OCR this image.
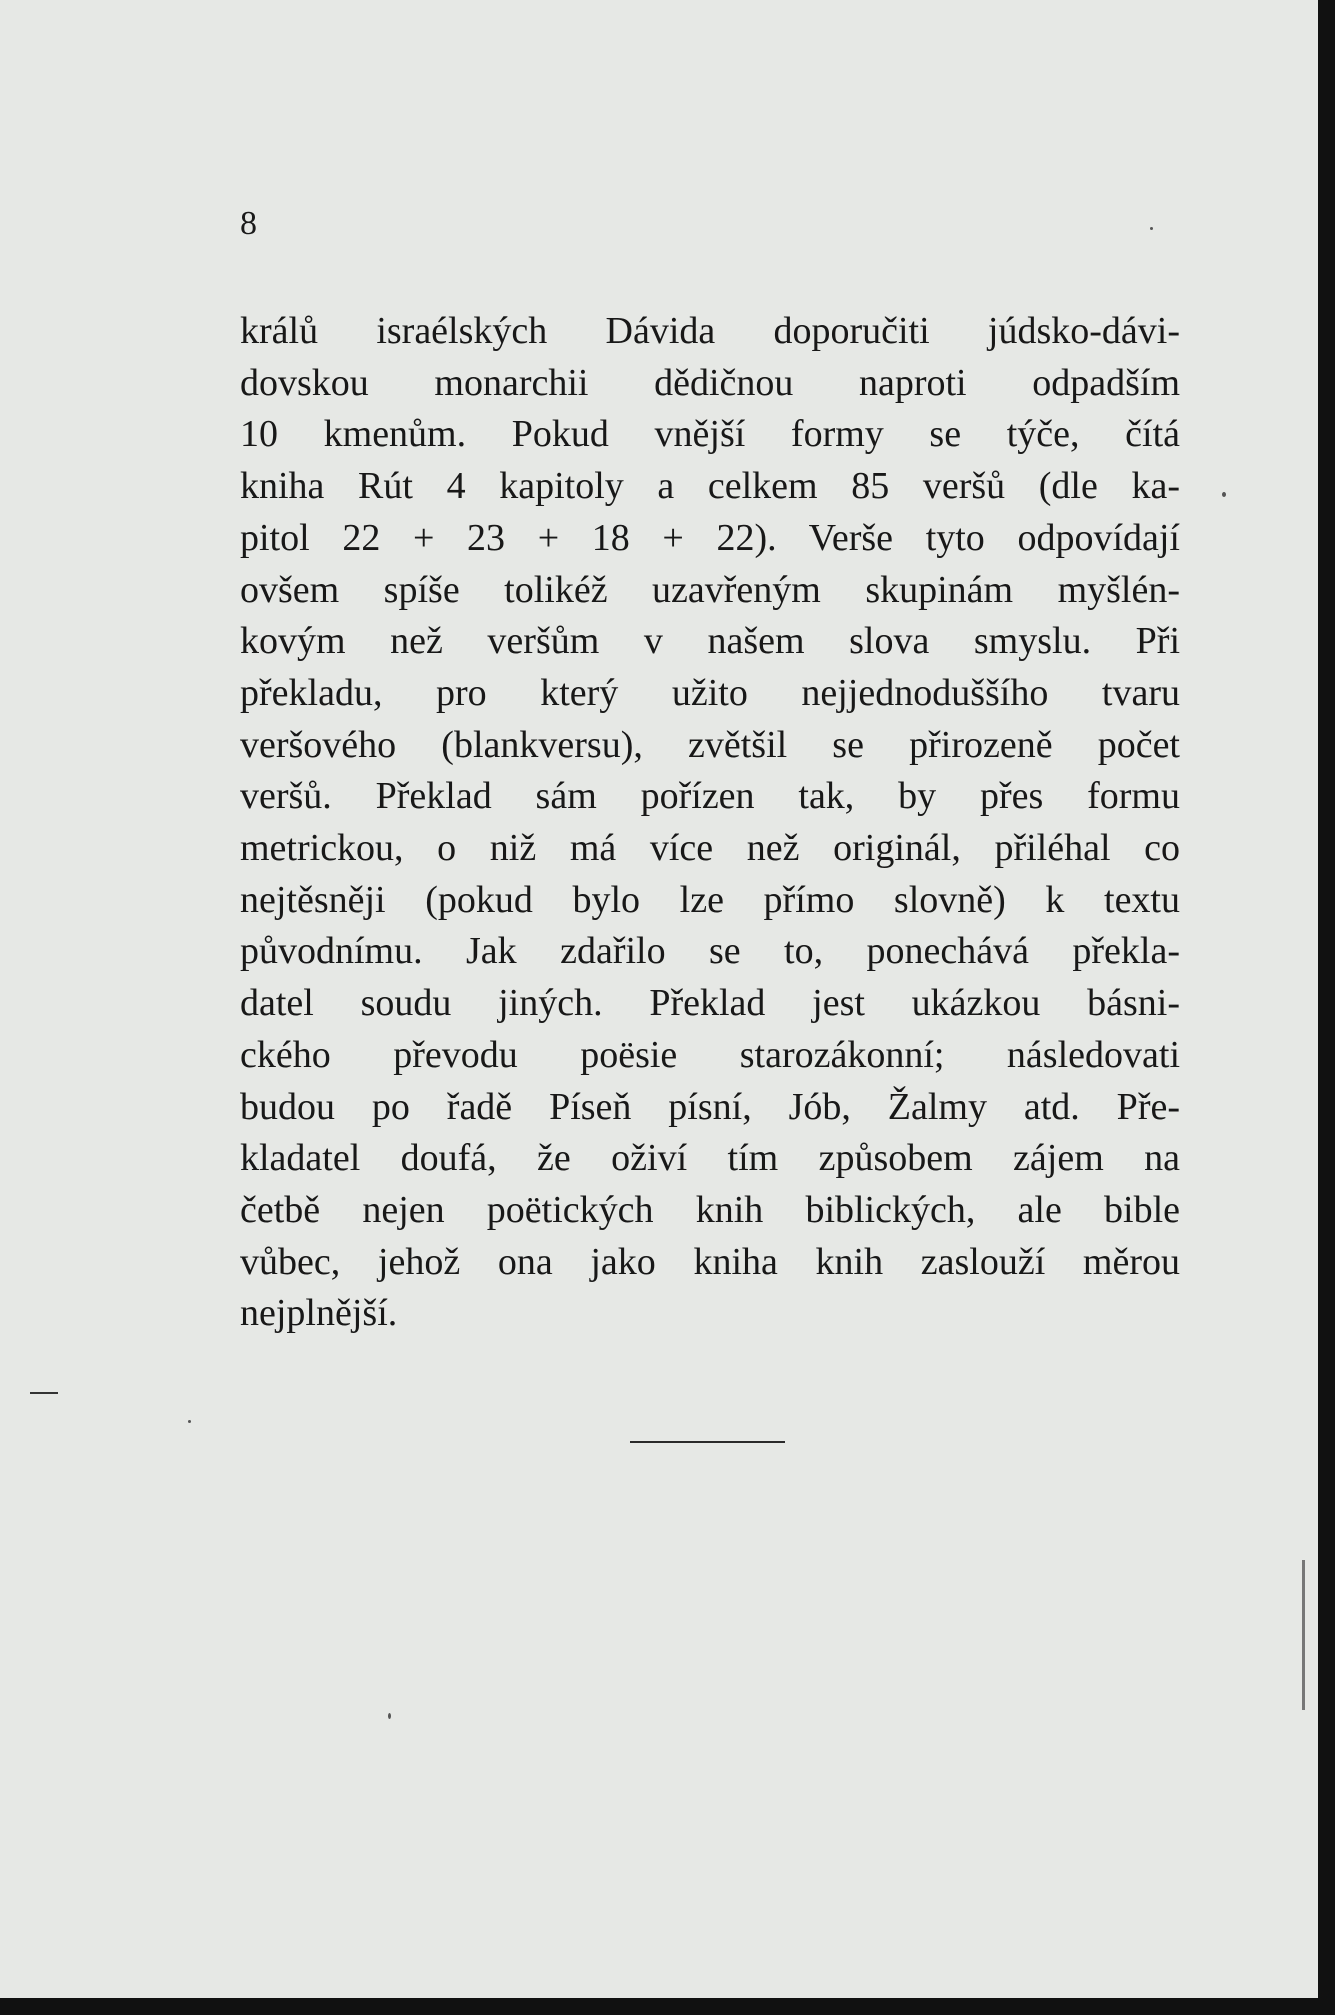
8

králů israélských Dávida doporučiti júdsko-dávi-
dovskou monarchii dědičnou naproti odpadším
10 kmenům. Pokud vnější formy se týče, čítá
kniha Rút 4 kapitoly a celkem 85 veršů (dle ka-
pitol 22 + 23 + 18 + 22). Verše tyto odpovídají
ovšem spíše tolikéž uzavřeným skupinám myšlén-
kovým než veršům v našem slova smyslu. Při
překladu, pro který užito nejjednoduššího tvaru
veršového (blankversu), zvětšil se přirozeně počet
veršů. Překlad sám pořízen tak, by přes formu
metrickou, o niž má více než originál, přiléhal co
nejtěsněji (pokud bylo lze přímo slovně) k textu
původnímu. Jak zdařilo se to, ponechává překla-
datel soudu jiných. Překlad jest ukázkou básni-
ckého převodu poësie starozákonní; následovati
budou po řadě Píseň písní, Jób, Žalmy atd. Pře-
kladatel doufá, že oživí tím způsobem zájem na
četbě nejen poëtických knih biblických, ale bible
vůbec, jehož ona jako kniha knih zaslouží měrou
nejplnější.
